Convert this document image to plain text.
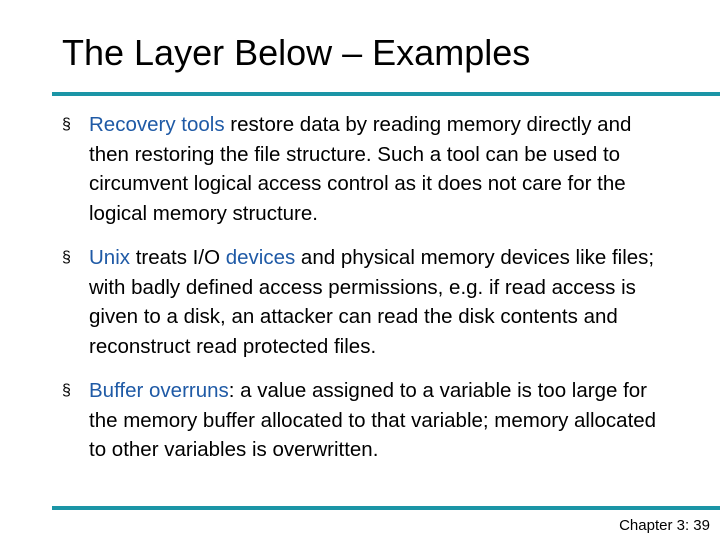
The Layer Below – Examples
§ Recovery tools restore data by reading memory directly and then restoring the file structure. Such a tool can be used to circumvent logical access control as it does not care for the logical memory structure.
§ Unix treats I/O devices and physical memory devices like files; with badly defined access permissions, e.g. if read access is given to a disk, an attacker can read the disk contents and reconstruct read protected files.
§ Buffer overruns: a value assigned to a variable is too large for the memory buffer allocated to that variable; memory allocated to other variables is overwritten.
Chapter 3: 39
